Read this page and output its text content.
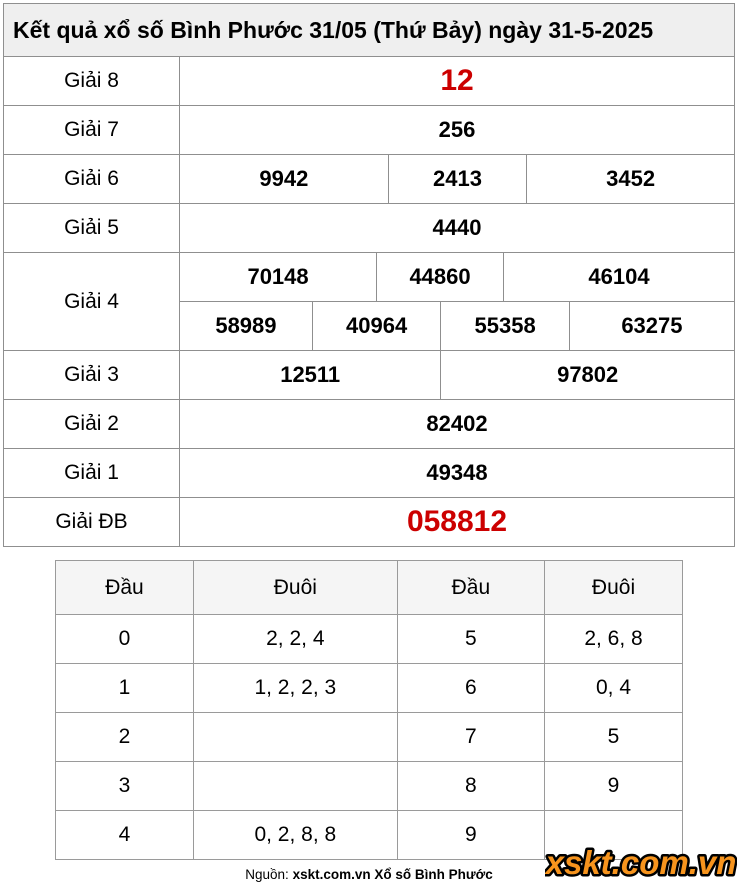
Kết quả xổ số Bình Phước 31/05 (Thứ Bảy) ngày 31-5-2025
Giải 8	12
Giải 7	256
Giải 6	9942	2413	3452
Giải 5	4440
Giải 4
70148	44860	46104
58989	40964	55358	63275
Giải 3	12511	97802
Giải 2	82402
Giải 1	49348
Giải ĐB	058812
Đầu	Đuôi	Đầu	Đuôi
0	2, 2, 4	5	2, 6, 8
1	1, 2, 2, 3	6	0, 4
2		7	5
3		8	9
4	0, 2, 8, 8	9	
Nguồn: xskt.com.vn Xổ số Bình Phước	xskt.com.vn
